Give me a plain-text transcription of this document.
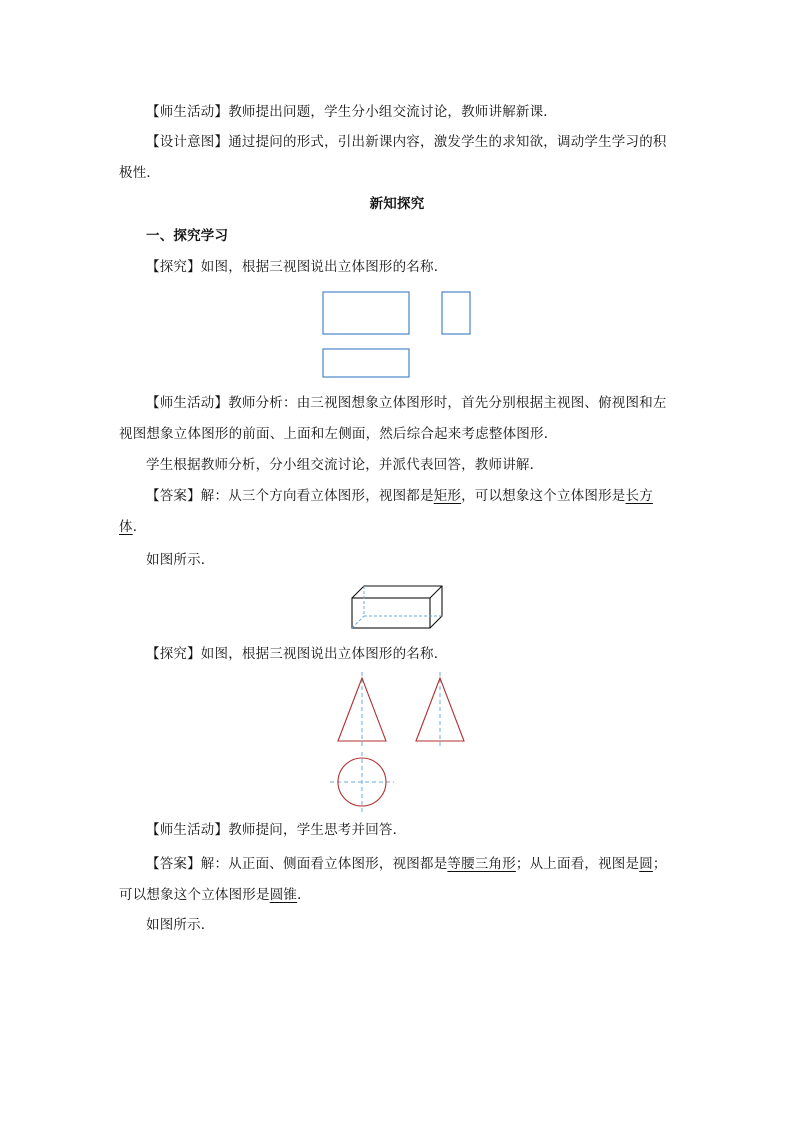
【师生活动】教师提出问题，学生分小组交流讨论，教师讲解新课．
【设计意图】通过提问的形式，引出新课内容，激发学生的求知欲，调动学生学习的积
极性．
新知探究
一、探究学习
【探究】如图，根据三视图说出立体图形的名称．
【师生活动】教师分析：由三视图想象立体图形时，首先分别根据主视图、俯视图和左
视图想象立体图形的前面、上面和左侧面，然后综合起来考虑整体图形．
学生根据教师分析，分小组交流讨论，并派代表回答，教师讲解．
【答案】解：从三个方向看立体图形，视图都是矩形，可以想象这个立体图形是长方
体．
如图所示．
【探究】如图，根据三视图说出立体图形的名称．
【师生活动】教师提问，学生思考并回答．
【答案】解：从正面、侧面看立体图形，视图都是等腰三角形；从上面看，视图是圆；
可以想象这个立体图形是圆锥．
如图所示．
